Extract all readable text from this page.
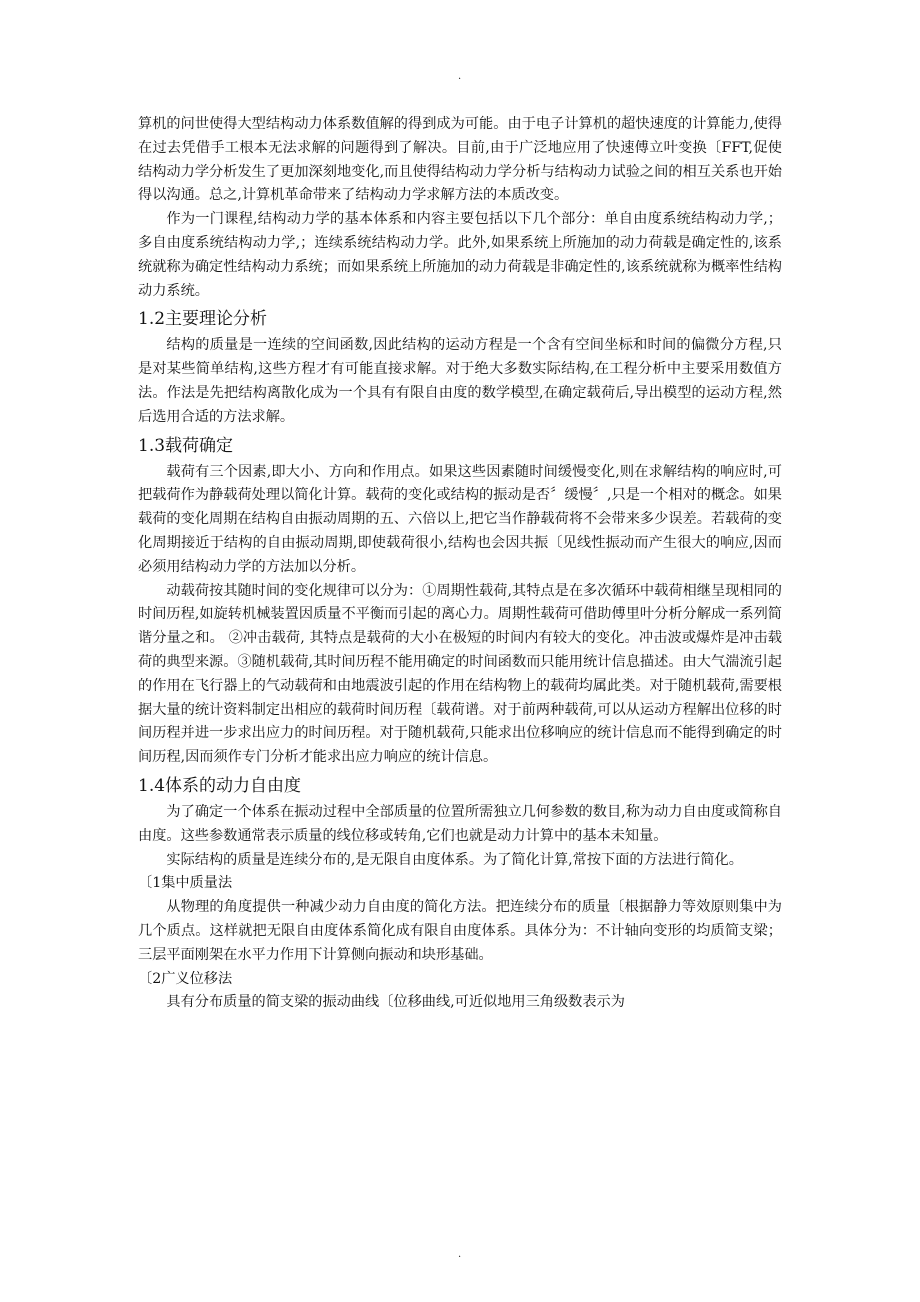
.

算机的问世使得大型结构动力体系数值解的得到成为可能。由于电子计算机的超快速度的计算能力,使得在过去凭借手工根本无法求解的问题得到了解决。目前,由于广泛地应用了快速傅立叶变换〔FFT,促使结构动力学分析发生了更加深刻地变化,而且使得结构动力学分析与结构动力试验之间的相互关系也开始得以沟通。总之,计算机革命带来了结构动力学求解方法的本质改变。

作为一门课程,结构动力学的基本体系和内容主要包括以下几个部分：单自由度系统结构动力学,；多自由度系统结构动力学,；连续系统结构动力学。此外,如果系统上所施加的动力荷载是确定性的,该系统就称为确定性结构动力系统；而如果系统上所施加的动力荷载是非确定性的,该系统就称为概率性结构动力系统。

1.2主要理论分析

结构的质量是一连续的空间函数,因此结构的运动方程是一个含有空间坐标和时间的偏微分方程,只是对某些简单结构,这些方程才有可能直接求解。对于绝大多数实际结构,在工程分析中主要采用数值方法。作法是先把结构离散化成为一个具有有限自由度的数学模型,在确定载荷后,导出模型的运动方程,然后选用合适的方法求解。

1.3载荷确定

载荷有三个因素,即大小、方向和作用点。如果这些因素随时间缓慢变化,则在求解结构的响应时,可把载荷作为静载荷处理以简化计算。载荷的变化或结构的振动是否〞缓慢〞,只是一个相对的概念。如果载荷的变化周期在结构自由振动周期的五、六倍以上,把它当作静载荷将不会带来多少误差。若载荷的变化周期接近于结构的自由振动周期,即使载荷很小,结构也会因共振〔见线性振动而产生很大的响应,因而必须用结构动力学的方法加以分析。

动载荷按其随时间的变化规律可以分为：①周期性载荷,其特点是在多次循环中载荷相继呈现相同的时间历程,如旋转机械装置因质量不平衡而引起的离心力。周期性载荷可借助傅里叶分析分解成一系列简谐分量之和。 ②冲击载荷, 其特点是载荷的大小在极短的时间内有较大的变化。冲击波或爆炸是冲击载荷的典型来源。③随机载荷,其时间历程不能用确定的时间函数而只能用统计信息描述。由大气湍流引起的作用在飞行器上的气动载荷和由地震波引起的作用在结构物上的载荷均属此类。对于随机载荷,需要根据大量的统计资料制定出相应的载荷时间历程〔载荷谱。对于前两种载荷,可以从运动方程解出位移的时间历程并进一步求出应力的时间历程。对于随机载荷,只能求出位移响应的统计信息而不能得到确定的时间历程,因而须作专门分析才能求出应力响应的统计信息。

1.4体系的动力自由度

为了确定一个体系在振动过程中全部质量的位置所需独立几何参数的数目,称为动力自由度或简称自由度。这些参数通常表示质量的线位移或转角,它们也就是动力计算中的基本未知量。

实际结构的质量是连续分布的,是无限自由度体系。为了简化计算,常按下面的方法进行简化。

〔1集中质量法

从物理的角度提供一种减少动力自由度的简化方法。把连续分布的质量〔根据静力等效原则集中为几个质点。这样就把无限自由度体系简化成有限自由度体系。具体分为：不计轴向变形的均质简支梁；三层平面刚架在水平力作用下计算侧向振动和块形基础。

〔2广义位移法

具有分布质量的简支梁的振动曲线〔位移曲线,可近似地用三角级数表示为

.
